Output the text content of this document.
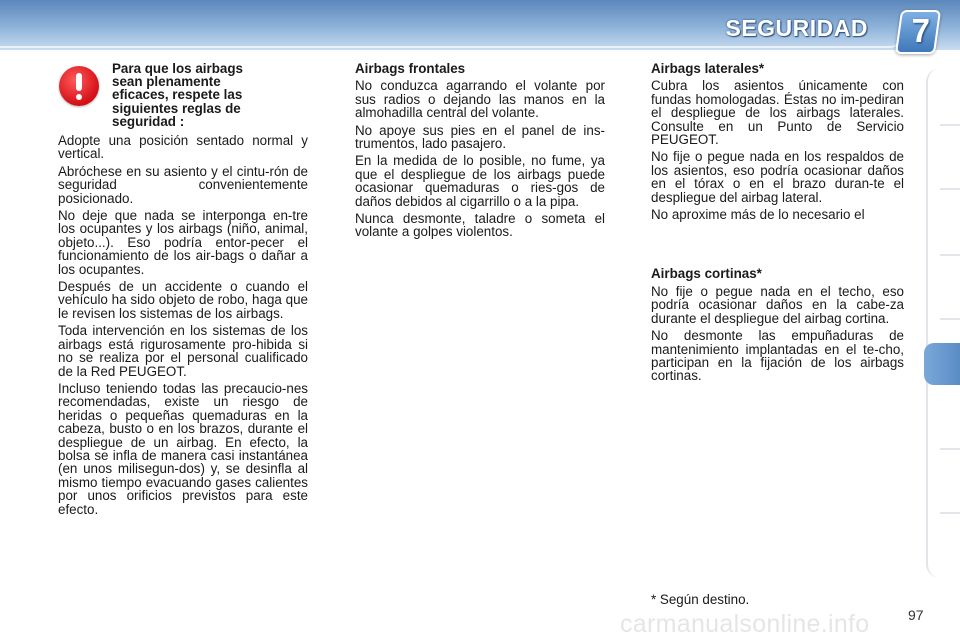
SEGURIDAD 7
Para que los airbags sean plenamente eficaces, respete las siguientes reglas de seguridad :

Adopte una posición sentado normal y vertical.

Abróchese en su asiento y el cintu-rón de seguridad convenientemente posicionado.

No deje que nada se interponga en-tre los ocupantes y los airbags (niño, animal, objeto...). Eso podría entor-pecer el funcionamiento de los air-bags o dañar a los ocupantes.

Después de un accidente o cuando el vehículo ha sido objeto de robo, haga que le revisen los sistemas de los airbags.

Toda intervención en los sistemas de los airbags está rigurosamente pro-hibida si no se realiza por el personal cualificado de la Red PEUGEOT.

Incluso teniendo todas las precaucio-nes recomendadas, existe un riesgo de heridas o pequeñas quemaduras en la cabeza, busto o en los brazos, durante el despliegue de un airbag. En efecto, la bolsa se infla de manera casi instantánea (en unos milisegun-dos) y, se desinfla al mismo tiempo evacuando gases calientes por unos orificios previstos para este efecto.

Airbags frontales

No conduzca agarrando el volante por sus radios o dejando las manos en la almohadilla central del volante.

No apoye sus pies en el panel de ins-trumentos, lado pasajero.

En la medida de lo posible, no fume, ya que el despliegue de los airbags puede ocasionar quemaduras o ries-gos de daños debidos al cigarrillo o a la pipa.

Nunca desmonte, taladre o someta el volante a golpes violentos.

Airbags laterales*

Cubra los asientos únicamente con fundas homologadas. Éstas no im-pediran el despliegue de los airbags laterales. Consulte en un Punto de Servicio PEUGEOT.

No fije o pegue nada en los respaldos de los asientos, eso podría ocasionar daños en el tórax o en el brazo duran-te el despliegue del airbag lateral.

No aproxime más de lo necesario el

Airbags cortinas*

No fije o pegue nada en el techo, eso podría ocasionar daños en la cabe-za durante el despliegue del airbag cortina.

No desmonte las empuñaduras de mantenimiento implantadas en el te-cho, participan en la fijación de los airbags cortinas.

* Según destino.
carmanualsonline.info	97
